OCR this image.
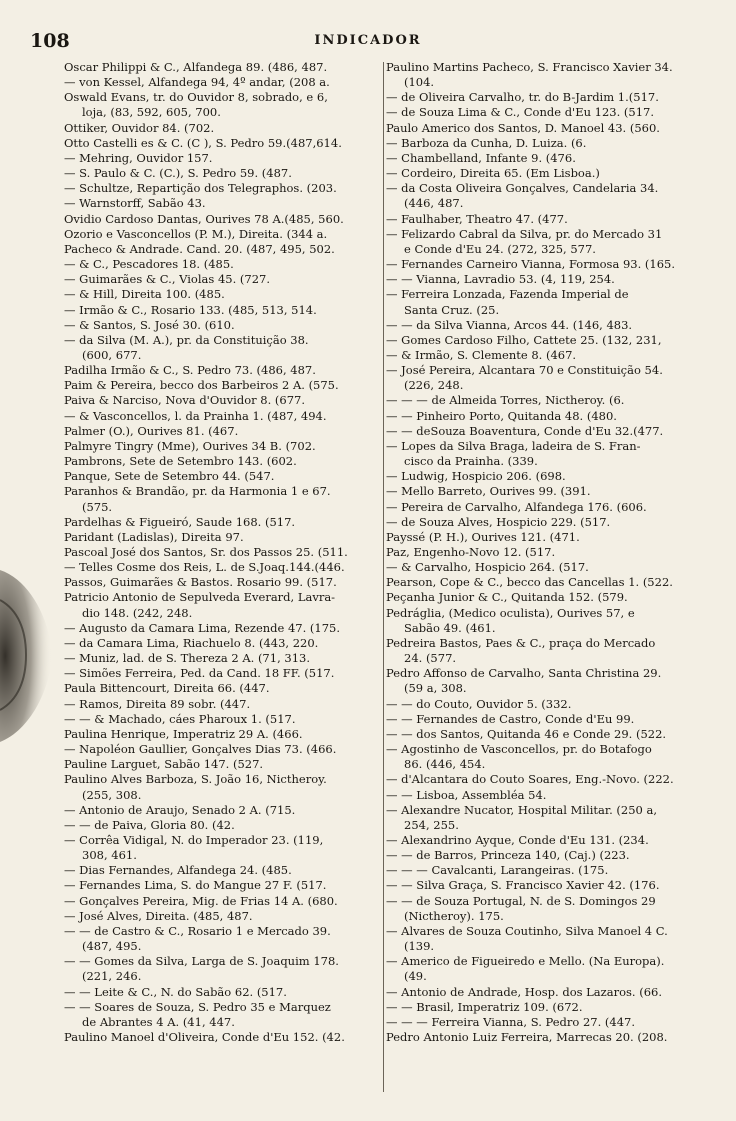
108	INDICADOR
Oscar Philippi & C., Alfandega 89. (486, 487.
— von Kessel, Alfandega 94, 4º andar, (208 a.
Oswald Evans, tr. do Ouvidor 8, sobrado, e 6,
loja, (83, 592, 605, 700.
Ottiker, Ouvidor 84. (702.
Otto Castelli es & C. (C ), S. Pedro 59.(487,614.
— Mehring, Ouvidor 157.
— S. Paulo & C. (C.), S. Pedro 59. (487.
— Schultze, Repartição dos Telegraphos. (203.
— Warnstorff, Sabão 43.
Ovidio Cardoso Dantas, Ourives 78 A.(485, 560.
Ozorio e Vasconcellos (P. M.), Direita. (344 a.
Pacheco & Andrade. Cand. 20. (487, 495, 502.
— & C., Pescadores 18. (485.
— Guimarães & C., Violas 45. (727.
— & Hill, Direita 100. (485.
— Irmão & C., Rosario 133. (485, 513, 514.
— & Santos, S. José 30. (610.
— da Silva (M. A.), pr. da Constituição 38.
(600, 677.
Padilha Irmão & C., S. Pedro 73. (486, 487.
Paim & Pereira, becco dos Barbeiros 2 A. (575.
Paiva & Narciso, Nova d'Ouvidor 8. (677.
— & Vasconcellos, l. da Prainha 1. (487, 494.
Palmer (O.), Ourives 81. (467.
Palmyre Tingry (Mme), Ourives 34 B. (702.
Pambrons, Sete de Setembro 143. (602.
Panque, Sete de Setembro 44. (547.
Paranhos & Brandão, pr. da Harmonia 1 e 67.
(575.
Pardelhas & Figueiró, Saude 168. (517.
Paridant (Ladislas), Direita 97.
Pascoal José dos Santos, Sr. dos Passos 25. (511.
— Telles Cosme dos Reis, L. de S.Joaq.144.(446.
Passos, Guimarães & Bastos. Rosario 99. (517.
Patricio Antonio de Sepulveda Everard, Lavra-
dio 148. (242, 248.
— Augusto da Camara Lima, Rezende 47. (175.
— da Camara Lima, Riachuelo 8. (443, 220.
— Muniz, lad. de S. Thereza 2 A. (71, 313.
— Simões Ferreira, Ped. da Cand. 18 FF. (517.
Paula Bittencourt, Direita 66. (447.
— Ramos, Direita 89 sobr. (447.
— — & Machado, cáes Pharoux 1. (517.
Paulina Henrique, Imperatriz 29 A. (466.
— Napoléon Gaullier, Gonçalves Dias 73. (466.
Pauline Larguet, Sabão 147. (527.
Paulino Alves Barboza, S. João 16, Nictheroy.
(255, 308.
— Antonio de Araujo, Senado 2 A. (715.
— — de Paiva, Gloria 80. (42.
— Corrêa Vidigal, N. do Imperador 23. (119,
308, 461.
— Dias Fernandes, Alfandega 24. (485.
— Fernandes Lima, S. do Mangue 27 F. (517.
— Gonçalves Pereira, Mig. de Frias 14 A. (680.
— José Alves, Direita. (485, 487.
— — de Castro & C., Rosario 1 e Mercado 39.
(487, 495.
— — Gomes da Silva, Larga de S. Joaquim 178.
(221, 246.
— — Leite & C., N. do Sabão 62. (517.
— — Soares de Souza, S. Pedro 35 e Marquez
de Abrantes 4 A. (41, 447.
Paulino Manoel d'Oliveira, Conde d'Eu 152. (42.
Paulino Martins Pacheco, S. Francisco Xavier 34.
(104.
— de Oliveira Carvalho, tr. do B-Jardim 1.(517.
— de Souza Lima & C., Conde d'Eu 123. (517.
Paulo Americo dos Santos, D. Manoel 43. (560.
— Barboza da Cunha, D. Luiza. (6.
— Chambelland, Infante 9. (476.
— Cordeiro, Direita 65. (Em Lisboa.)
— da Costa Oliveira Gonçalves, Candelaria 34.
(446, 487.
— Faulhaber, Theatro 47. (477.
— Felizardo Cabral da Silva, pr. do Mercado 31
e Conde d'Eu 24. (272, 325, 577.
— Fernandes Carneiro Vianna, Formosa 93. (165.
— — Vianna, Lavradio 53. (4, 119, 254.
— Ferreira Lonzada, Fazenda Imperial de
Santa Cruz. (25.
— — da Silva Vianna, Arcos 44. (146, 483.
— Gomes Cardoso Filho, Cattete 25. (132, 231,
— & Irmão, S. Clemente 8. (467.
— José Pereira, Alcantara 70 e Constituição 54.
(226, 248.
— — — de Almeida Torres, Nictheroy. (6.
— — Pinheiro Porto, Quitanda 48. (480.
— — deSouza Boaventura, Conde d'Eu 32.(477.
— Lopes da Silva Braga, ladeira de S. Fran-
cisco da Prainha. (339.
— Ludwig, Hospicio 206. (698.
— Mello Barreto, Ourives 99. (391.
— Pereira de Carvalho, Alfandega 176. (606.
— de Souza Alves, Hospicio 229. (517.
Payssé (P. H.), Ourives 121. (471.
Paz, Engenho-Novo 12. (517.
— & Carvalho, Hospicio 264. (517.
Pearson, Cope & C., becco das Cancellas 1. (522.
Peçanha Junior & C., Quitanda 152. (579.
Pedráglia, (Medico oculista), Ourives 57, e
Sabão 49. (461.
Pedreira Bastos, Paes & C., praça do Mercado
24. (577.
Pedro Affonso de Carvalho, Santa Christina 29.
(59 a, 308.
— — do Couto, Ouvidor 5. (332.
— — Fernandes de Castro, Conde d'Eu 99.
— — dos Santos, Quitanda 46 e Conde 29. (522.
— Agostinho de Vasconcellos, pr. do Botafogo
86. (446, 454.
— d'Alcantara do Couto Soares, Eng.-Novo. (222.
— — Lisboa, Assembléa 54.
— Alexandre Nucator, Hospital Militar. (250 a,
254, 255.
— Alexandrino Ayque, Conde d'Eu 131. (234.
— — de Barros, Princeza 140, (Caj.) (223.
— — — Cavalcanti, Larangeiras. (175.
— — Silva Graça, S. Francisco Xavier 42. (176.
— — de Souza Portugal, N. de S. Domingos 29
(Nictheroy). 175.
— Alvares de Souza Coutinho, Silva Manoel 4 C.
(139.
— Americo de Figueiredo e Mello. (Na Europa).
(49.
— Antonio de Andrade, Hosp. dos Lazaros. (66.
— — Brasil, Imperatriz 109. (672.
— — — Ferreira Vianna, S. Pedro 27. (447.
Pedro Antonio Luiz Ferreira, Marrecas 20. (208.
